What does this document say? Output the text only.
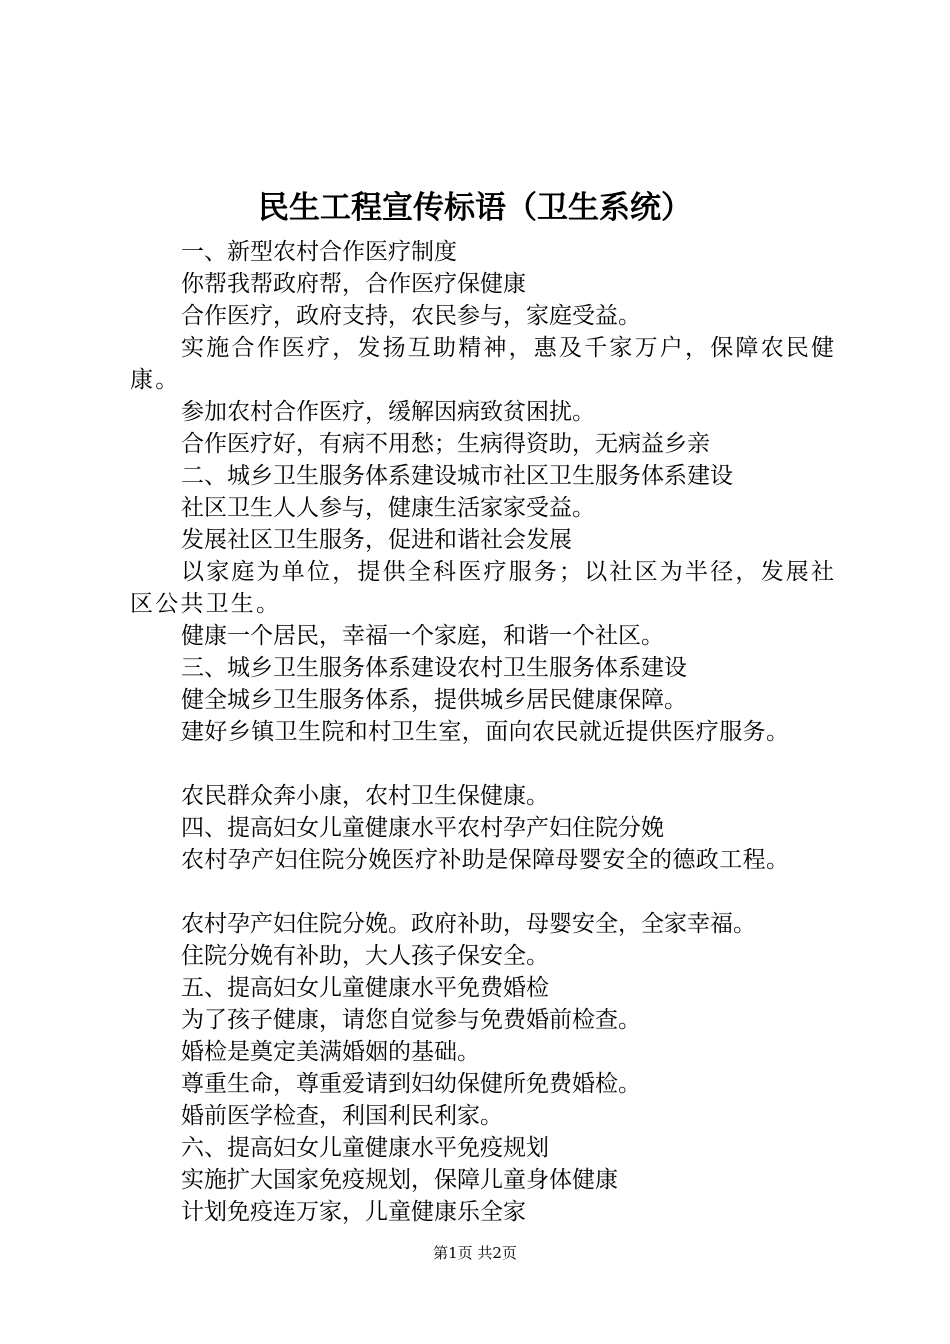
民生工程宣传标语（卫生系统）

一、新型农村合作医疗制度

你帮我帮政府帮，合作医疗保健康

合作医疗，政府支持，农民参与，家庭受益。

实施合作医疗，发扬互助精神，惠及千家万户，保障农民健康。

参加农村合作医疗，缓解因病致贫困扰。

合作医疗好，有病不用愁；生病得资助，无病益乡亲

二、城乡卫生服务体系建设城市社区卫生服务体系建设

社区卫生人人参与，健康生活家家受益。

发展社区卫生服务，促进和谐社会发展

以家庭为单位，提供全科医疗服务；以社区为半径，发展社区公共卫生。

健康一个居民，幸福一个家庭，和谐一个社区。

三、城乡卫生服务体系建设农村卫生服务体系建设

健全城乡卫生服务体系，提供城乡居民健康保障。

建好乡镇卫生院和村卫生室，面向农民就近提供医疗服务。

农民群众奔小康，农村卫生保健康。

四、提高妇女儿童健康水平农村孕产妇住院分娩

农村孕产妇住院分娩医疗补助是保障母婴安全的德政工程。

农村孕产妇住院分娩。政府补助，母婴安全，全家幸福。

住院分娩有补助，大人孩子保安全。

五、提高妇女儿童健康水平免费婚检

为了孩子健康，请您自觉参与免费婚前检查。

婚检是奠定美满婚姻的基础。

尊重生命，尊重爱请到妇幼保健所免费婚检。

婚前医学检查，利国利民利家。

六、提高妇女儿童健康水平免疫规划

实施扩大国家免疫规划，保障儿童身体健康

计划免疫连万家，儿童健康乐全家

第1页 共2页
